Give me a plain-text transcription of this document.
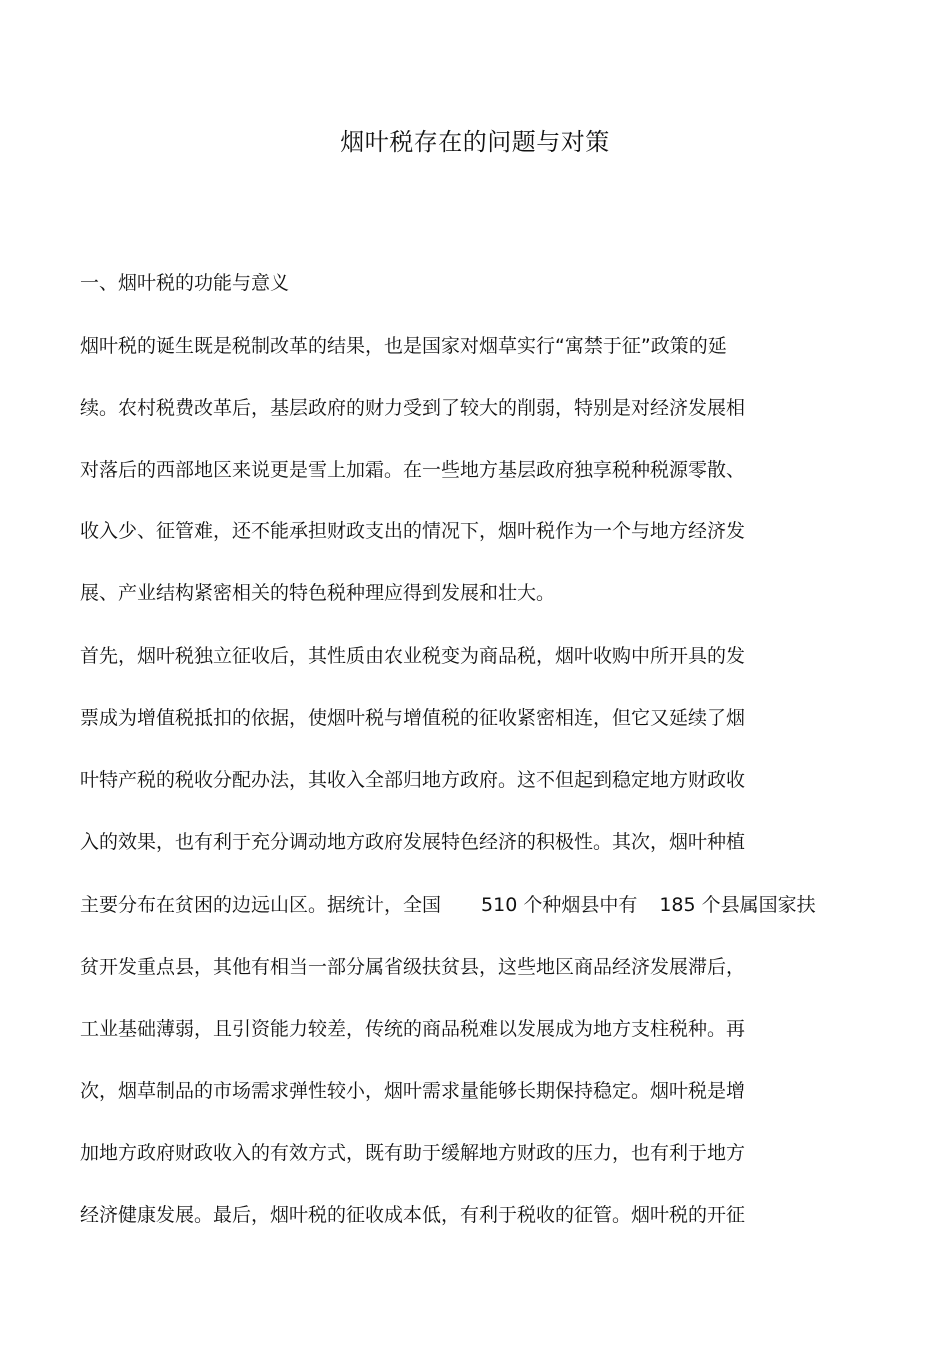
烟叶税存在的问题与对策
一、烟叶税的功能与意义
烟叶税的诞生既是税制改革的结果，也是国家对烟草实行“寓禁于征”政策的延
续。农村税费改革后，基层政府的财力受到了较大的削弱，特别是对经济发展相
对落后的西部地区来说更是雪上加霜。在一些地方基层政府独享税种税源零散、
收入少、征管难，还不能承担财政支出的情况下，烟叶税作为一个与地方经济发
展、产业结构紧密相关的特色税种理应得到发展和壮大。
首先，烟叶税独立征收后，其性质由农业税变为商品税，烟叶收购中所开具的发
票成为增值税抵扣的依据，使烟叶税与增值税的征收紧密相连，但它又延续了烟
叶特产税的税收分配办法，其收入全部归地方政府。这不但起到稳定地方财政收
入的效果，也有利于充分调动地方政府发展特色经济的积极性。其次，烟叶种植
主要分布在贫困的边远山区。据统计，全国 510 个种烟县中有 185 个县属国家扶
贫开发重点县，其他有相当一部分属省级扶贫县，这些地区商品经济发展滞后，
工业基础薄弱，且引资能力较差，传统的商品税难以发展成为地方支柱税种。再
次，烟草制品的市场需求弹性较小，烟叶需求量能够长期保持稳定。烟叶税是增
加地方政府财政收入的有效方式，既有助于缓解地方财政的压力，也有利于地方
经济健康发展。最后，烟叶税的征收成本低，有利于税收的征管。烟叶税的开征
